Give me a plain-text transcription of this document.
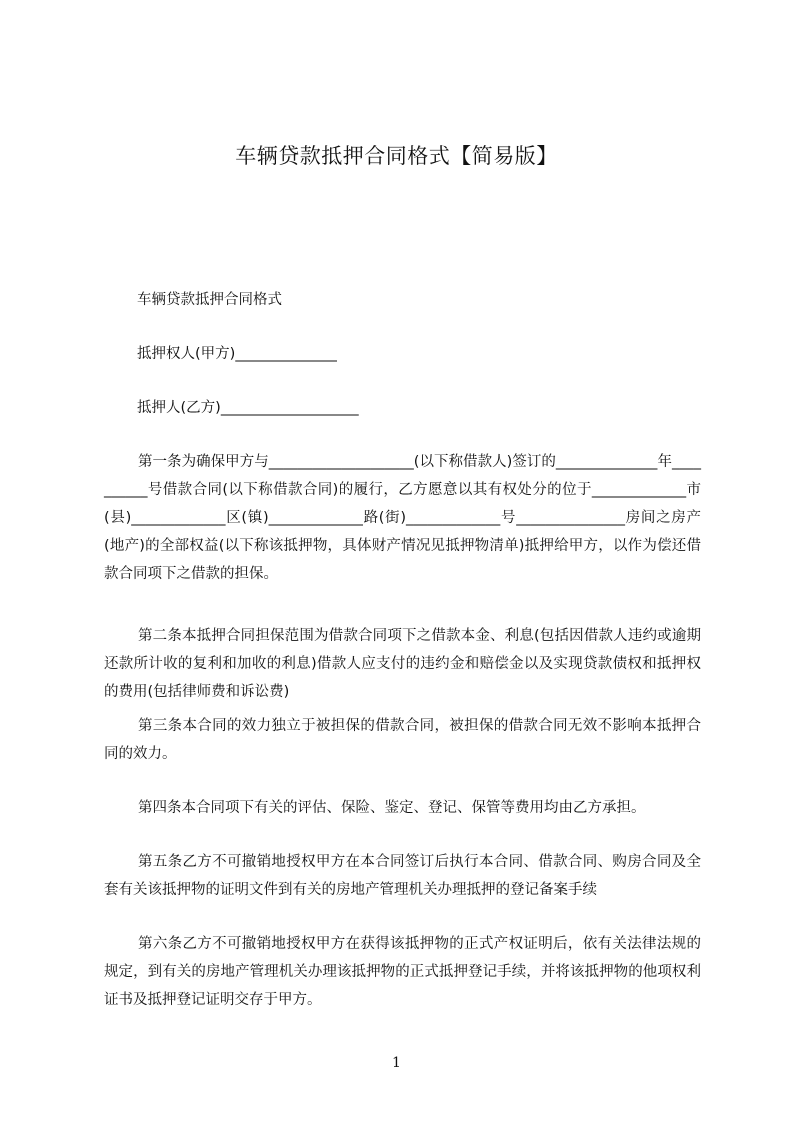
车辆贷款抵押合同格式【简易版】

车辆贷款抵押合同格式

抵押权人(甲方)______________

抵押人(乙方)___________________

第一条为确保甲方与____________________(以下称借款人)签订的______________年__________号借款合同(以下称借款合同)的履行，乙方愿意以其有权处分的位于_____________市(县)_____________区(镇)_____________路(街)_____________号_______________房间之房产(地产)的全部权益(以下称该抵押物，具体财产情况见抵押物清单)抵押给甲方，以作为偿还借款合同项下之借款的担保。

第二条本抵押合同担保范围为借款合同项下之借款本金、利息(包括因借款人违约或逾期还款所计收的复利和加收的利息)借款人应支付的违约金和赔偿金以及实现贷款债权和抵押权的费用(包括律师费和诉讼费)

第三条本合同的效力独立于被担保的借款合同，被担保的借款合同无效不影响本抵押合同的效力。

第四条本合同项下有关的评估、保险、鉴定、登记、保管等费用均由乙方承担。

第五条乙方不可撤销地授权甲方在本合同签订后执行本合同、借款合同、购房合同及全套有关该抵押物的证明文件到有关的房地产管理机关办理抵押的登记备案手续

第六条乙方不可撤销地授权甲方在获得该抵押物的正式产权证明后，依有关法律法规的规定，到有关的房地产管理机关办理该抵押物的正式抵押登记手续，并将该抵押物的他项权利证书及抵押登记证明交存于甲方。

1
